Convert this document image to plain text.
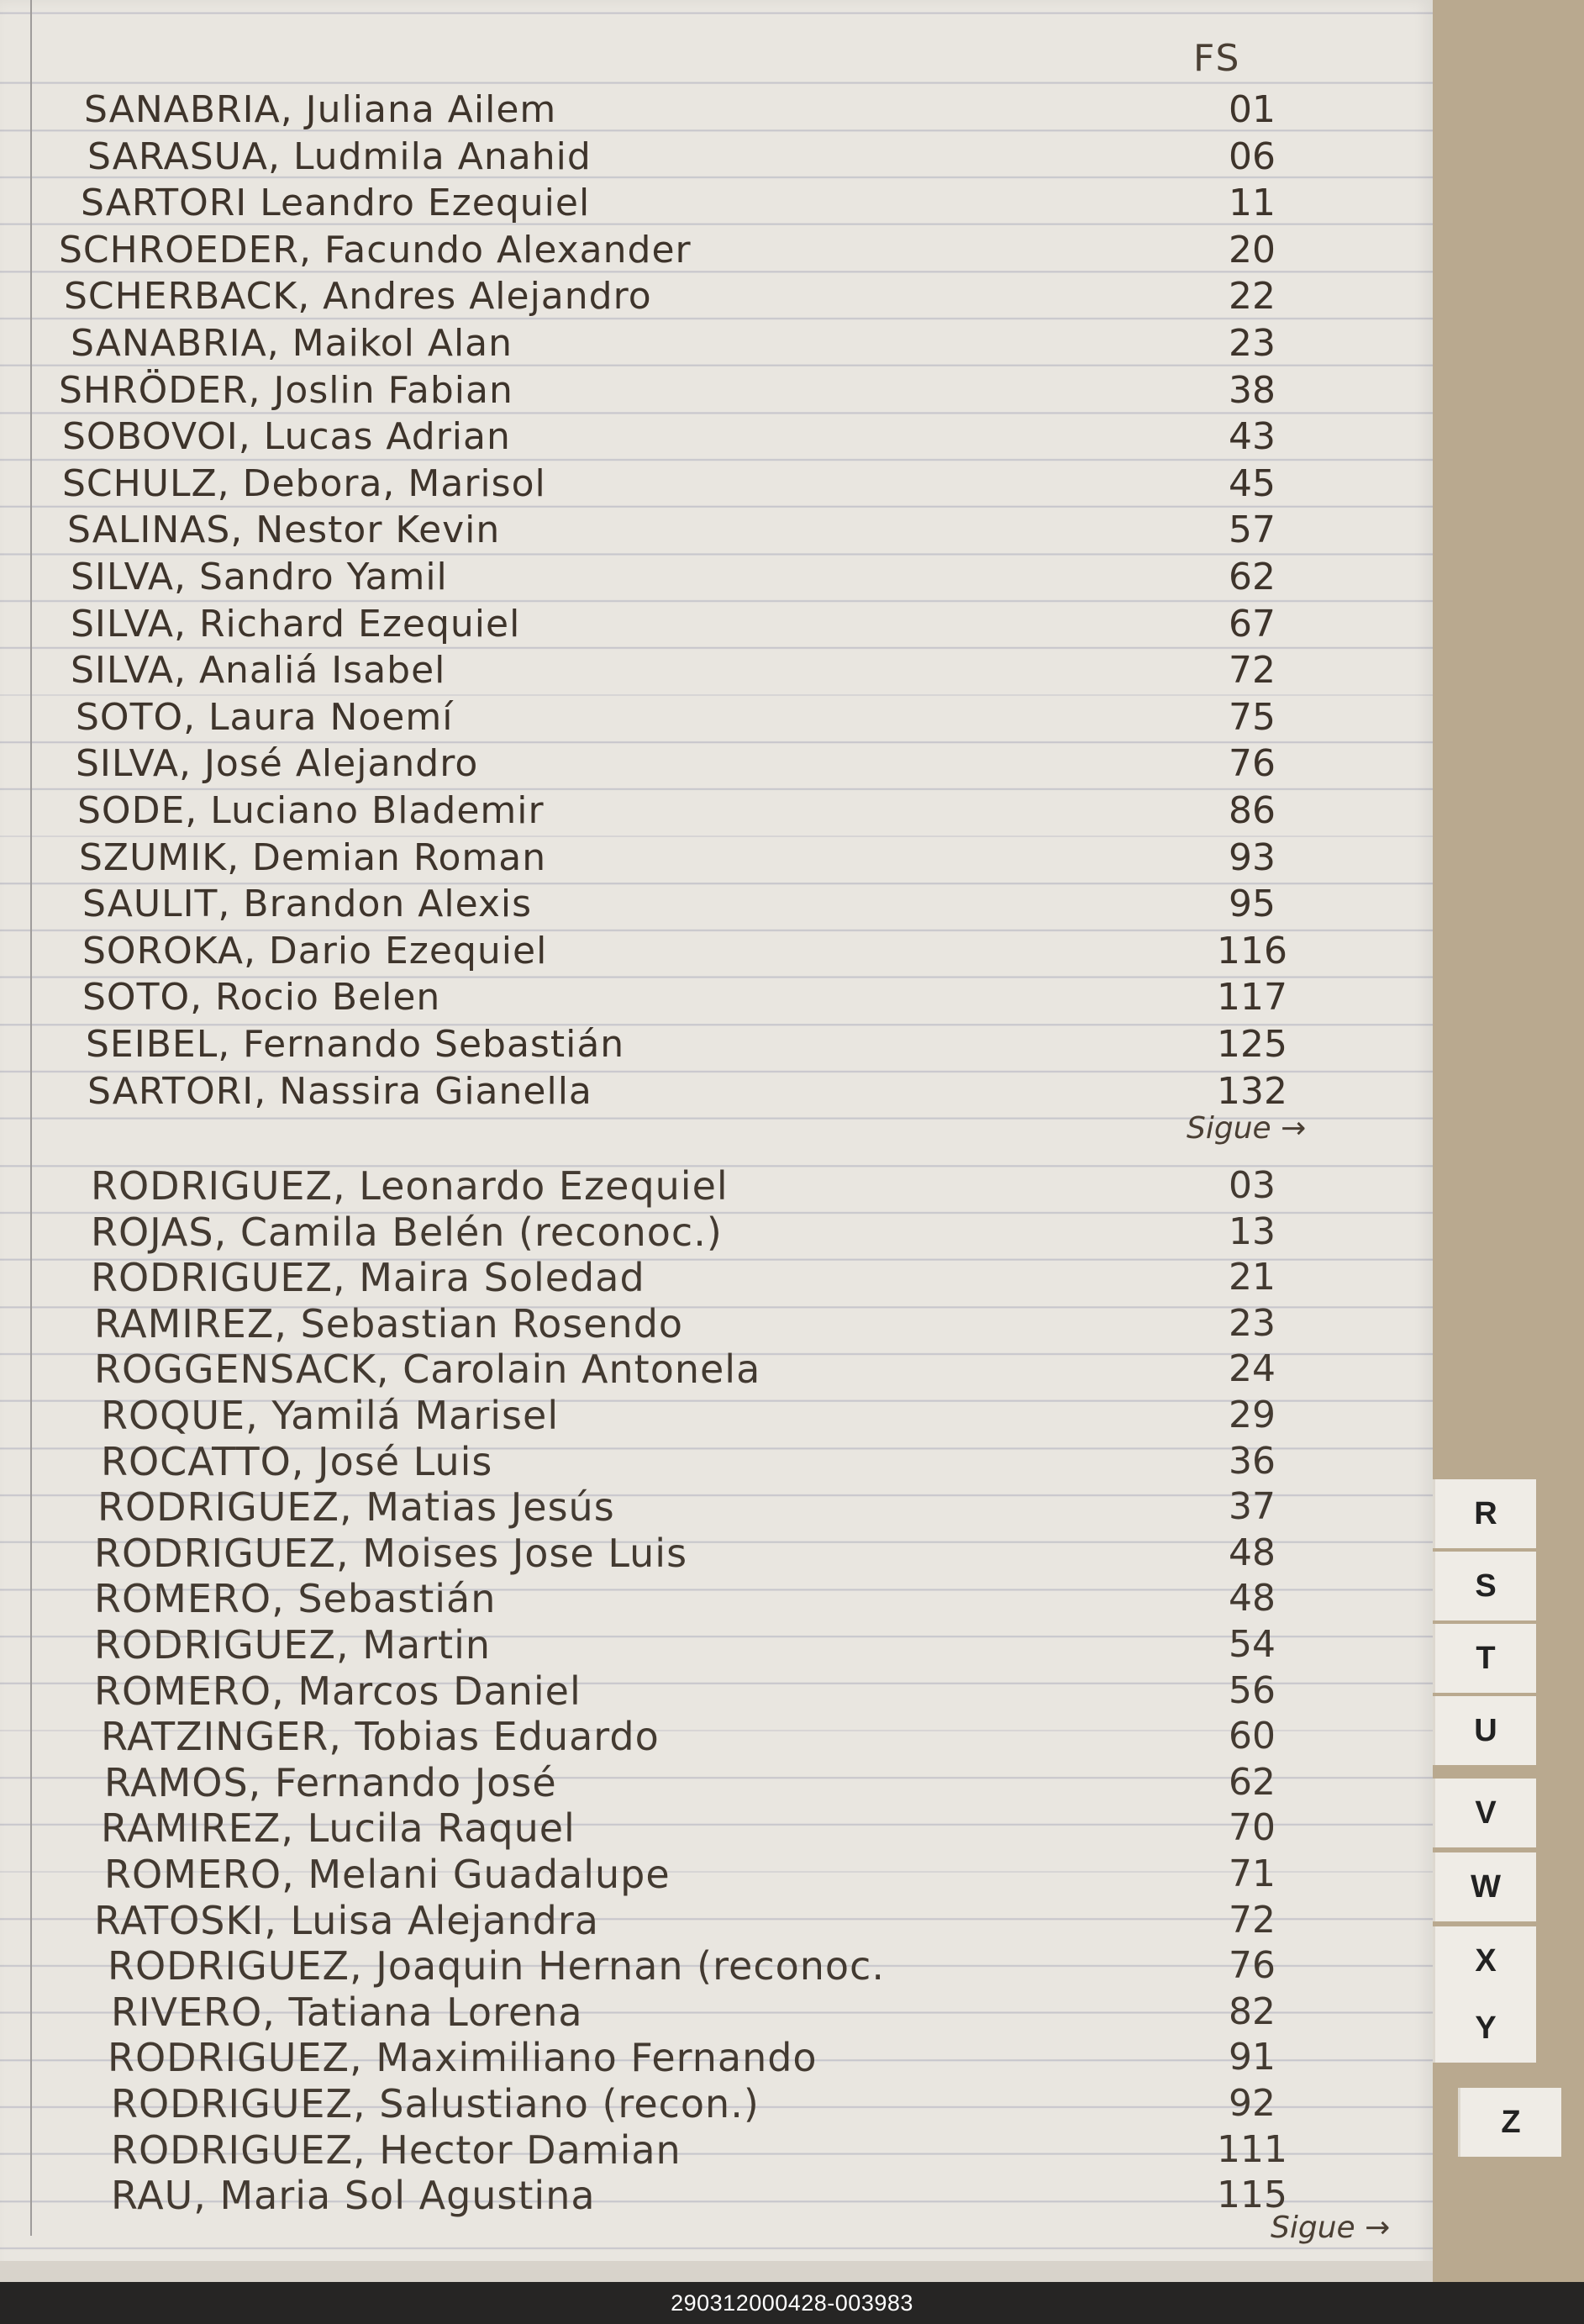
FS
SANABRIA, Juliana Ailem	01
SARASUA, Ludmila Anahid	06
SARTORI Leandro Ezequiel	11
SCHROEDER, Facundo Alexander	20
SCHERBACK, Andres Alejandro	22
SANABRIA, Maikol Alan	23
SHRÖDER, Joslin Fabian	38
SOBOVOI, Lucas Adrian	43
SCHULZ, Debora, Marisol	45
SALINAS, Nestor Kevin	57
SILVA, Sandro Yamil	62
SILVA, Richard Ezequiel	67
SILVA, Analiá Isabel	72
SOTO, Laura Noemí	75
SILVA, José Alejandro	76
SODE, Luciano Blademir	86
SZUMIK, Demian Roman	93
SAULIT, Brandon Alexis	95
SOROKA, Dario Ezequiel	116
SOTO, Rocio Belen	117
SEIBEL, Fernando Sebastián	125
SARTORI, Nassira Gianella	132
Sigue →
RODRIGUEZ, Leonardo Ezequiel	03
ROJAS, Camila Belén (reconoc.)	13
RODRIGUEZ, Maira Soledad	21
RAMIREZ, Sebastian Rosendo	23
ROGGENSACK, Carolain Antonela	24
ROQUE, Yamilá Marisel	29
ROCATTO, José Luis	36
RODRIGUEZ, Matias Jesús	37
RODRIGUEZ, Moises Jose Luis	48
ROMERO, Sebastián	48
RODRIGUEZ, Martin	54
ROMERO, Marcos Daniel	56
RATZINGER, Tobias Eduardo	60
RAMOS, Fernando José	62
RAMIREZ, Lucila Raquel	70
ROMERO, Melani Guadalupe	71
RATOSKI, Luisa Alejandra	72
RODRIGUEZ, Joaquin Hernan (reconoc.	76
RIVERO, Tatiana Lorena	82
RODRIGUEZ, Maximiliano Fernando	91
RODRIGUEZ, Salustiano (recon.)	92
RODRIGUEZ, Hector Damian	111
RAU, Maria Sol Agustina	115
Sigue →
R
S
T
U
V
W
X
Y
Z
290312000428-003983
